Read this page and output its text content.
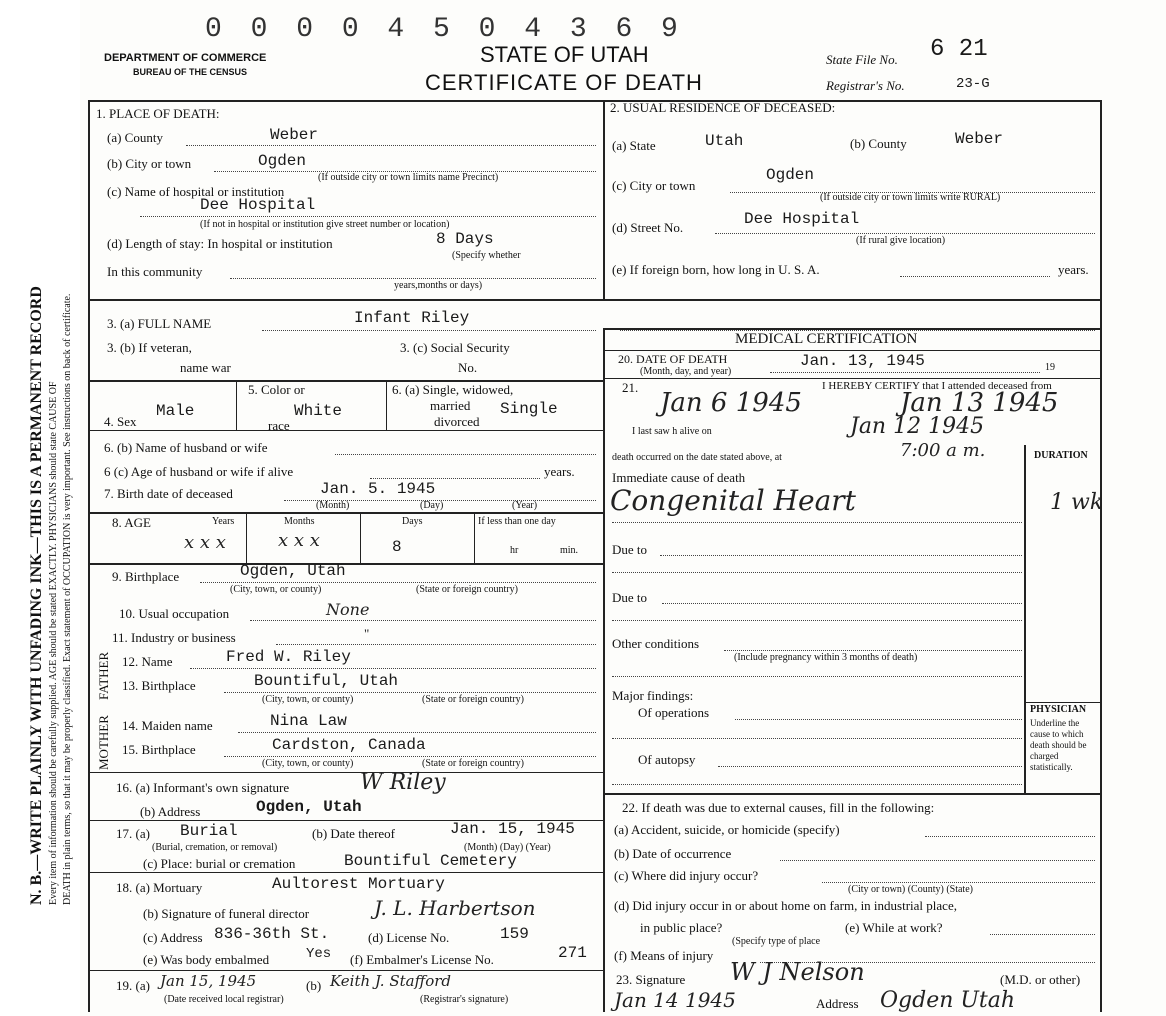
N. B.—WRITE PLAINLY WITH UNFADING INK—THIS IS A PERMANENT RECORD Every item of information should be carefully supplied. AGE should be stated EXACTLY. PHYSICIANS should state CAUSE OF DEATH in plain terms, so that it may be properly classified. Exact statement of OCCUPATION is very important. See instructions on back of certificate.
0 0 0 0 4 5 0 4 3 6 9
DEPARTMENT OF COMMERCE
BUREAU OF THE CENSUS
STATE OF UTAH
CERTIFICATE OF DEATH
State File No. 6 21
Registrar's No.	23-G
1. PLACE OF DEATH:
(a) County	Weber
(b) City or town	Ogden
(If outside city or town limits name Precinct)
(c) Name of hospital or institution
Dee Hospital
(If not in hospital or institution give street number or location)
(d) Length of stay: In hospital or institution	8 Days
(Specify whether
In this community
years,months or days)
2. USUAL RESIDENCE OF DECEASED:
(a) State	Utah	(b) County	Weber
(c) City or town
Ogden
(If outside city or town limits write RURAL)
(d) Street No.	Dee Hospital
(If rural give location)
(e) If foreign born, how long in U. S. A.	years.
3. (a) FULL NAME	Infant Riley
3. (b) If veteran,
name war
3. (c) Social Security
No.
MEDICAL CERTIFICATION
20. DATE OF DEATH
(Month, day, and year)
Jan. 13, 1945	19
4. Sex
Male
5. Color or
race
White
6. (a) Single, widowed,
married
divorced
Single
6. (b) Name of husband or wife
6 (c) Age of husband or wife if alive	years.
7. Birth date of deceased	Jan. 5. 1945
(Month)	(Day)	(Year)
8. AGE	Years	Months	Days	If less than one day
x x x	x x x	8	hr	min.
9. Birthplace	Ogden, Utah
(City, town, or county)	(State or foreign country)
10. Usual occupation	None
11. Industry or business	"
FATHER
MOTHER
12. Name	Fred W. Riley
13. Birthplace	Bountiful, Utah
(City, town, or county)	(State or foreign country)
14. Maiden name	Nina Law
15. Birthplace	Cardston, Canada
(City, town, or county)	(State or foreign country)
16. (a) Informant's own signature	W Riley
(b) Address	Ogden, Utah
17. (a) Burial
(Burial, cremation, or removal)
(b) Date thereof	Jan. 15, 1945
(Month) (Day) (Year)
(c) Place: burial or cremation	Bountiful Cemetery
18. (a) Mortuary	Aultorest Mortuary
(b) Signature of funeral director	J. L. Harbertson
(c) Address 836-36th St.	(d) License No.	159
(e) Was body embalmed	Yes (f) Embalmer's License No.	271
19. (a) Jan 15, 1945
(Date received local registrar)
(b) Keith J. Stafford
(Registrar's signature)
21.	I HEREBY CERTIFY that I attended deceased from
Jan 6 1945	Jan 13 1945
I last saw h alive on	Jan 12 1945
death occurred on the date stated above, at	7:00 a m.	DURATION
Immediate cause of death
Congenital Heart	1 wk
Due to
Due to
Other conditions
(Include pregnancy within 3 months of death)
Major findings:
Of operations
Of autopsy
PHYSICIAN
Underline the cause to which death should be charged statistically.
22. If death was due to external causes, fill in the following:
(a) Accident, suicide, or homicide (specify)
(b) Date of occurrence
(c) Where did injury occur?
(City or town) (County) (State)
(d) Did injury occur in or about home on farm, in industrial place,
in public place?
(Specify type of place
(e) While at work?
(f) Means of injury
23. Signature W J Nelson	(M.D. or other)
Jan 14 1945	Address Ogden Utah
